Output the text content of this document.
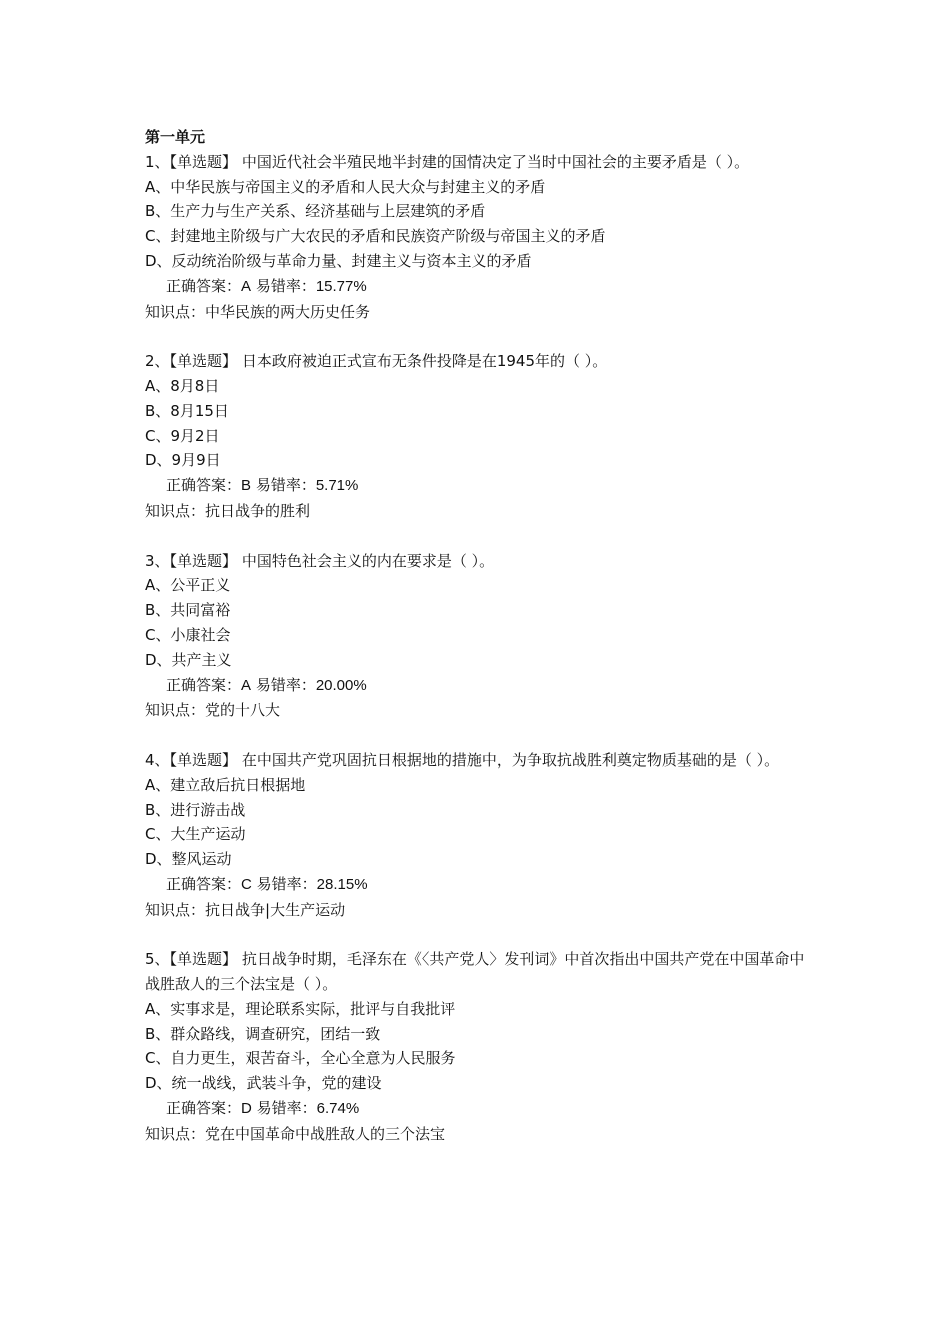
第一单元
1、【单选题】 中国近代社会半殖民地半封建的国情决定了当时中国社会的主要矛盾是（ ）。
A、中华民族与帝国主义的矛盾和人民大众与封建主义的矛盾
B、生产力与生产关系、经济基础与上层建筑的矛盾
C、封建地主阶级与广大农民的矛盾和民族资产阶级与帝国主义的矛盾
D、反动统治阶级与革命力量、封建主义与资本主义的矛盾
正确答案：A 易错率：15.77%
知识点：中华民族的两大历史任务
2、【单选题】 日本政府被迫正式宣布无条件投降是在1945年的（ ）。
A、8月8日
B、8月15日
C、9月2日
D、9月9日
正确答案：B 易错率：5.71%
知识点：抗日战争的胜利
3、【单选题】 中国特色社会主义的内在要求是（ ）。
A、公平正义
B、共同富裕
C、小康社会
D、共产主义
正确答案：A 易错率：20.00%
知识点：党的十八大
4、【单选题】 在中国共产党巩固抗日根据地的措施中，为争取抗战胜利奠定物质基础的是（ ）。
A、建立敌后抗日根据地
B、进行游击战
C、大生产运动
D、整风运动
正确答案：C 易错率：28.15%
知识点：抗日战争|大生产运动
5、【单选题】 抗日战争时期，毛泽东在《〈共产党人〉发刊词》中首次指出中国共产党在中国革命中战胜敌人的三个法宝是（ ）。
A、实事求是，理论联系实际，批评与自我批评
B、群众路线，调查研究，团结一致
C、自力更生，艰苦奋斗，全心全意为人民服务
D、统一战线，武装斗争，党的建设
正确答案：D 易错率：6.74%
知识点：党在中国革命中战胜敌人的三个法宝
